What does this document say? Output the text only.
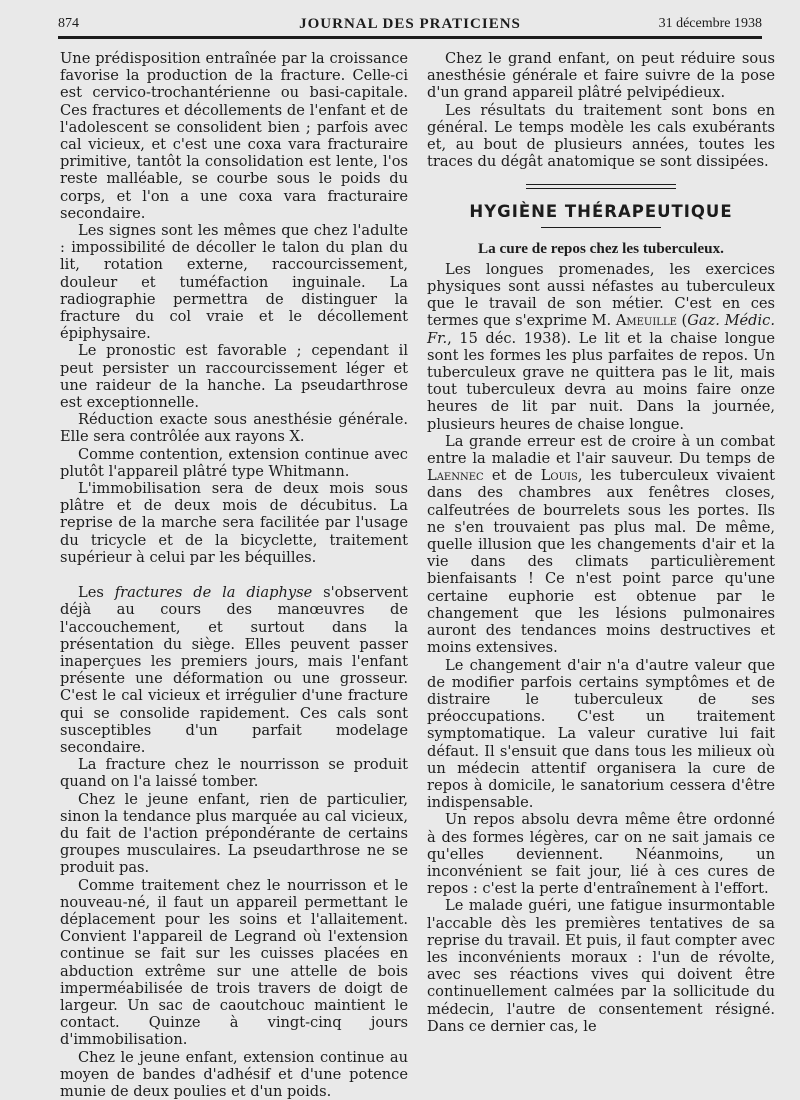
874	JOURNAL DES PRATICIENS	31 décembre 1938

Une prédisposition entraînée par la croissance favorise la production de la fracture. Celle-ci est cervico-trochantérienne ou basi-capitale. Ces fractures et décollements de l'enfant et de l'adolescent se consolident bien ; parfois avec cal vicieux, et c'est une coxa vara fracturaire primitive, tantôt la consolidation est lente, l'os reste malléable, se courbe sous le poids du corps, et l'on a une coxa vara fracturaire secondaire.

Les signes sont les mêmes que chez l'adulte : impossibilité de décoller le talon du plan du lit, rotation externe, raccourcissement, douleur et tuméfaction inguinale. La radiographie permettra de distinguer la fracture du col vraie et le décollement épiphysaire.

Le pronostic est favorable ; cependant il peut persister un raccourcissement léger et une raideur de la hanche. La pseudarthrose est exceptionnelle.

Réduction exacte sous anesthésie générale. Elle sera contrôlée aux rayons X.

Comme contention, extension continue avec plutôt l'appareil plâtré type Whitmann.

L'immobilisation sera de deux mois sous plâtre et de deux mois de décubitus. La reprise de la marche sera facilitée par l'usage du tricycle et de la bicyclette, traitement supérieur à celui par les béquilles.

Les fractures de la diaphyse s'observent déjà au cours des manœuvres de l'accouchement, et surtout dans la présentation du siège. Elles peuvent passer inaperçues les premiers jours, mais l'enfant présente une déformation ou une grosseur. C'est le cal vicieux et irrégulier d'une fracture qui se consolide rapidement. Ces cals sont susceptibles d'un parfait modelage secondaire.

La fracture chez le nourrisson se produit quand on l'a laissé tomber.

Chez le jeune enfant, rien de particulier, sinon la tendance plus marquée au cal vicieux, du fait de l'action prépondérante de certains groupes musculaires. La pseudarthrose ne se produit pas.

Comme traitement chez le nourrisson et le nouveau-né, il faut un appareil permettant le déplacement pour les soins et l'allaitement. Convient l'appareil de Legrand où l'extension continue se fait sur les cuisses placées en abduction extrême sur une attelle de bois imperméabilisée de trois travers de doigt de largeur. Un sac de caoutchouc maintient le contact. Quinze à vingt-cinq jours d'immobilisation.

Chez le jeune enfant, extension continue au moyen de bandes d'adhésif et d'une potence munie de deux poulies et d'un poids.

Chez le grand enfant, on peut réduire sous anesthésie générale et faire suivre de la pose d'un grand appareil plâtré pelvipédieux.

Les résultats du traitement sont bons en général. Le temps modèle les cals exubérants et, au bout de plusieurs années, toutes les traces du dégât anatomique se sont dissipées.

HYGIÈNE THÉRAPEUTIQUE
La cure de repos chez les tuberculeux.

Les longues promenades, les exercices physiques sont aussi néfastes au tuberculeux que le travail de son métier. C'est en ces termes que s'exprime M. Ameuille (Gaz. Médic. Fr., 15 déc. 1938). Le lit et la chaise longue sont les formes les plus parfaites de repos. Un tuberculeux grave ne quittera pas le lit, mais tout tuberculeux devra au moins faire onze heures de lit par nuit. Dans la journée, plusieurs heures de chaise longue.

La grande erreur est de croire à un combat entre la maladie et l'air sauveur. Du temps de Laennec et de Louis, les tuberculeux vivaient dans des chambres aux fenêtres closes, calfeutrées de bourrelets sous les portes. Ils ne s'en trouvaient pas plus mal. De même, quelle illusion que les changements d'air et la vie dans des climats particulièrement bienfaisants ! Ce n'est point parce qu'une certaine euphorie est obtenue par le changement que les lésions pulmonaires auront des tendances moins destructives et moins extensives.

Le changement d'air n'a d'autre valeur que de modifier parfois certains symptômes et de distraire le tuberculeux de ses préoccupations. C'est un traitement symptomatique. La valeur curative lui fait défaut. Il s'ensuit que dans tous les milieux où un médecin attentif organisera la cure de repos à domicile, le sanatorium cessera d'être indispensable.

Un repos absolu devra même être ordonné à des formes légères, car on ne sait jamais ce qu'elles deviennent. Néanmoins, un inconvénient se fait jour, lié à ces cures de repos : c'est la perte d'entraînement à l'effort.

Le malade guéri, une fatigue insurmontable l'accable dès les premières tentatives de sa reprise du travail. Et puis, il faut compter avec les inconvénients moraux : l'un de révolte, avec ses réactions vives qui doivent être continuellement calmées par la sollicitude du médecin, l'autre de consentement résigné. Dans ce dernier cas, le
